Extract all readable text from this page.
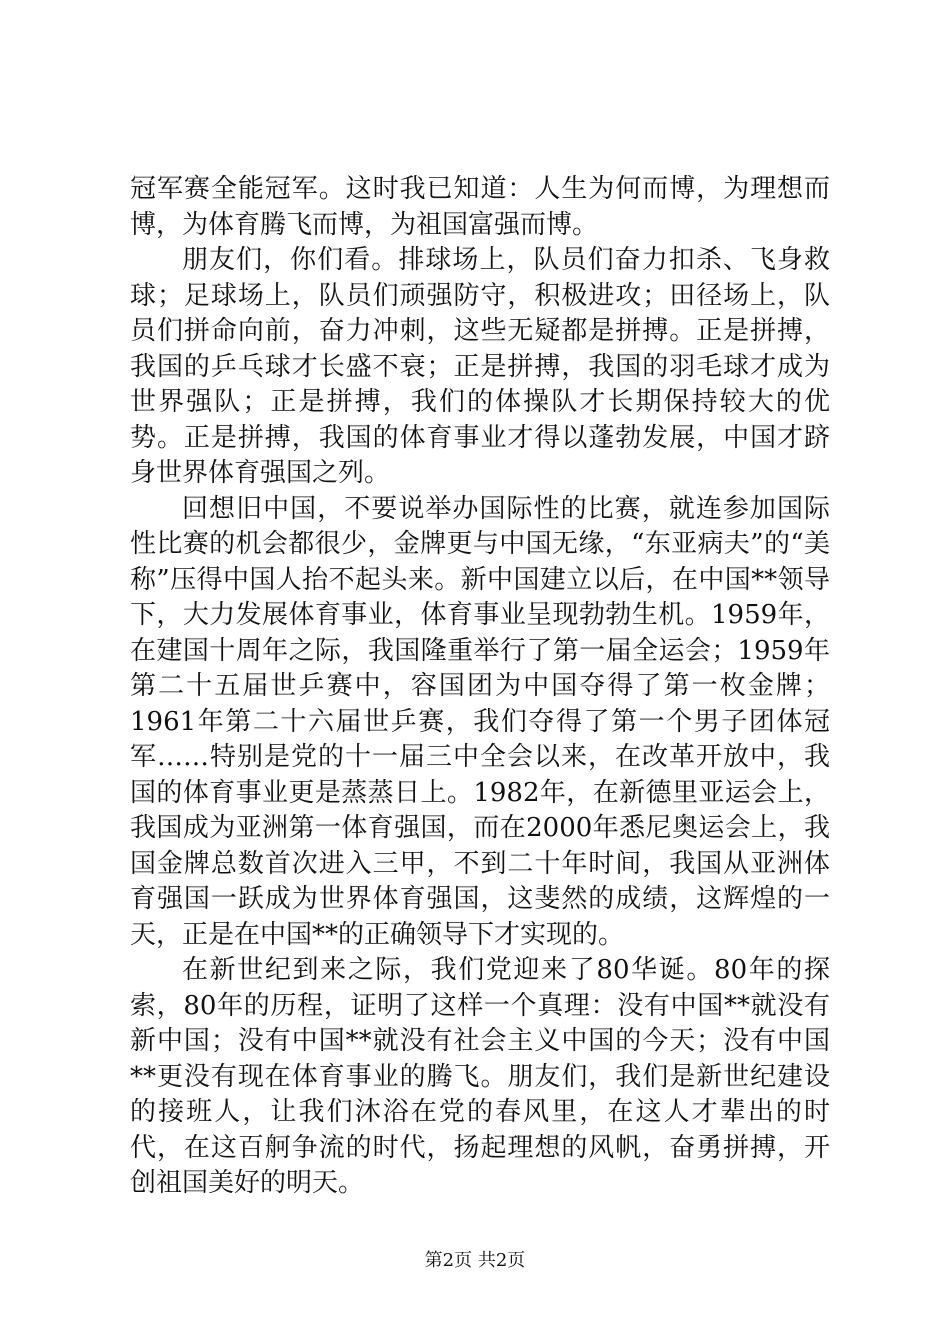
冠军赛全能冠军。这时我已知道：人生为何而博，为理想而博，为体育腾飞而博，为祖国富强而博。

朋友们，你们看。排球场上，队员们奋力扣杀、飞身救球；足球场上，队员们顽强防守，积极进攻；田径场上，队员们拼命向前，奋力冲刺，这些无疑都是拼搏。正是拼搏，我国的乒乓球才长盛不衰；正是拼搏，我国的羽毛球才成为世界强队；正是拼搏，我们的体操队才长期保持较大的优势。正是拼搏，我国的体育事业才得以蓬勃发展，中国才跻身世界体育强国之列。

回想旧中国，不要说举办国际性的比赛，就连参加国际性比赛的机会都很少，金牌更与中国无缘，“东亚病夫”的“美称”压得中国人抬不起头来。新中国建立以后，在中国**领导下，大力发展体育事业，体育事业呈现勃勃生机。1959年，在建国十周年之际，我国隆重举行了第一届全运会；1959年第二十五届世乒赛中，容国团为中国夺得了第一枚金牌；1961年第二十六届世乒赛，我们夺得了第一个男子团体冠军……特别是党的十一届三中全会以来，在改革开放中，我国的体育事业更是蒸蒸日上。1982年，在新德里亚运会上，我国成为亚洲第一体育强国，而在2000年悉尼奥运会上，我国金牌总数首次进入三甲，不到二十年时间，我国从亚洲体育强国一跃成为世界体育强国，这斐然的成绩，这辉煌的一天，正是在中国**的正确领导下才实现的。

在新世纪到来之际，我们党迎来了80华诞。80年的探索，80年的历程，证明了这样一个真理：没有中国**就没有新中国；没有中国**就没有社会主义中国的今天；没有中国**更没有现在体育事业的腾飞。朋友们，我们是新世纪建设的接班人，让我们沐浴在党的春风里，在这人才辈出的时代，在这百舸争流的时代，扬起理想的风帆，奋勇拼搏，开创祖国美好的明天。

第2页 共2页
